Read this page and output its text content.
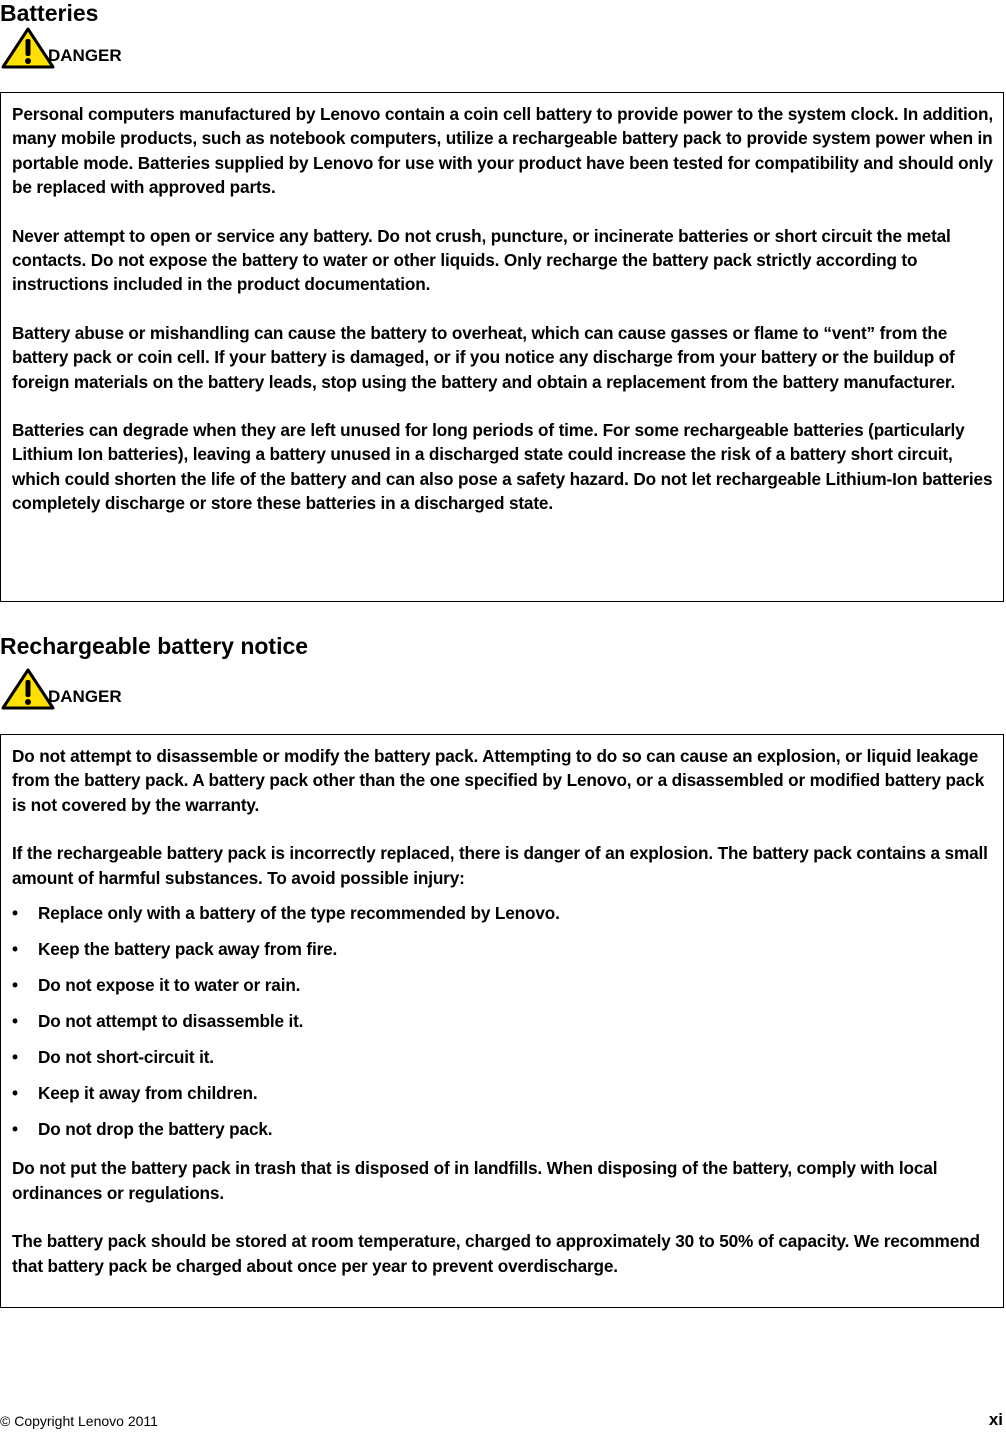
Batteries
DANGER

Personal computers manufactured by Lenovo contain a coin cell battery to provide power to the system clock. In addition, many mobile products, such as notebook computers, utilize a rechargeable battery pack to provide system power when in portable mode. Batteries supplied by Lenovo for use with your product have been tested for compatibility and should only be replaced with approved parts.

Never attempt to open or service any battery. Do not crush, puncture, or incinerate batteries or short circuit the metal contacts. Do not expose the battery to water or other liquids. Only recharge the battery pack strictly according to instructions included in the product documentation.

Battery abuse or mishandling can cause the battery to overheat, which can cause gasses or flame to “vent” from the battery pack or coin cell. If your battery is damaged, or if you notice any discharge from your battery or the buildup of foreign materials on the battery leads, stop using the battery and obtain a replacement from the battery manufacturer.

Batteries can degrade when they are left unused for long periods of time. For some rechargeable batteries (particularly Lithium Ion batteries), leaving a battery unused in a discharged state could increase the risk of a battery short circuit, which could shorten the life of the battery and can also pose a safety hazard. Do not let rechargeable Lithium-Ion batteries completely discharge or store these batteries in a discharged state.

Rechargeable battery notice
DANGER

Do not attempt to disassemble or modify the battery pack. Attempting to do so can cause an explosion, or liquid leakage from the battery pack. A battery pack other than the one specified by Lenovo, or a disassembled or modified battery pack is not covered by the warranty.

If the rechargeable battery pack is incorrectly replaced, there is danger of an explosion. The battery pack contains a small amount of harmful substances. To avoid possible injury:

• Replace only with a battery of the type recommended by Lenovo.
• Keep the battery pack away from fire.
• Do not expose it to water or rain.
• Do not attempt to disassemble it.
• Do not short-circuit it.
• Keep it away from children.
• Do not drop the battery pack.

Do not put the battery pack in trash that is disposed of in landfills. When disposing of the battery, comply with local ordinances or regulations.

The battery pack should be stored at room temperature, charged to approximately 30 to 50% of capacity. We recommend that battery pack be charged about once per year to prevent overdischarge.

© Copyright Lenovo 2011	xi
